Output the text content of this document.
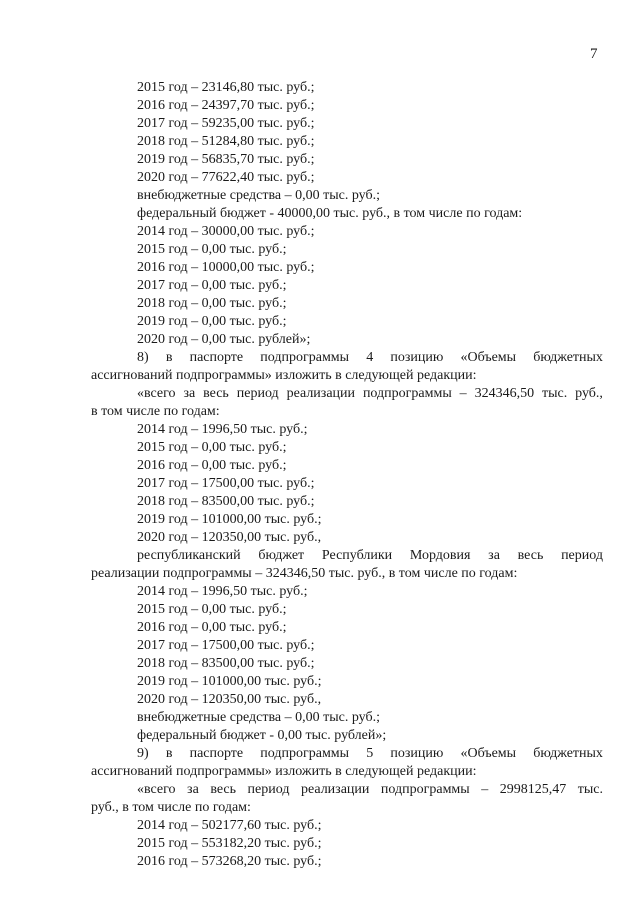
7
2015 год – 23146,80 тыс. руб.;
2016 год – 24397,70 тыс. руб.;
2017 год – 59235,00 тыс. руб.;
2018 год – 51284,80 тыс. руб.;
2019 год – 56835,70 тыс. руб.;
2020 год – 77622,40 тыс. руб.;
внебюджетные средства – 0,00 тыс. руб.;
федеральный бюджет - 40000,00 тыс. руб., в том числе по годам:
2014 год – 30000,00 тыс. руб.;
2015 год – 0,00 тыс. руб.;
2016 год – 10000,00 тыс. руб.;
2017 год – 0,00 тыс. руб.;
2018 год – 0,00 тыс. руб.;
2019 год – 0,00 тыс. руб.;
2020 год – 0,00 тыс. рублей»;
8) в паспорте подпрограммы 4 позицию «Объемы бюджетных
ассигнований подпрограммы» изложить в следующей редакции:
«всего за весь период реализации подпрограммы – 324346,50 тыс. руб.,
в том числе по годам:
2014 год – 1996,50 тыс. руб.;
2015 год – 0,00 тыс. руб.;
2016 год – 0,00 тыс. руб.;
2017 год – 17500,00 тыс. руб.;
2018 год – 83500,00 тыс. руб.;
2019 год – 101000,00 тыс. руб.;
2020 год – 120350,00 тыс. руб.,
республиканский бюджет Республики Мордовия за весь период
реализации подпрограммы – 324346,50 тыс. руб., в том числе по годам:
2014 год – 1996,50 тыс. руб.;
2015 год – 0,00 тыс. руб.;
2016 год – 0,00 тыс. руб.;
2017 год – 17500,00 тыс. руб.;
2018 год – 83500,00 тыс. руб.;
2019 год – 101000,00 тыс. руб.;
2020 год – 120350,00 тыс. руб.,
внебюджетные средства – 0,00 тыс. руб.;
федеральный бюджет - 0,00 тыс. рублей»;
9) в паспорте подпрограммы 5 позицию «Объемы бюджетных
ассигнований подпрограммы» изложить в следующей редакции:
«всего за весь период реализации подпрограммы – 2998125,47 тыс.
руб., в том числе по годам:
2014 год – 502177,60 тыс. руб.;
2015 год – 553182,20 тыс. руб.;
2016 год – 573268,20 тыс. руб.;
